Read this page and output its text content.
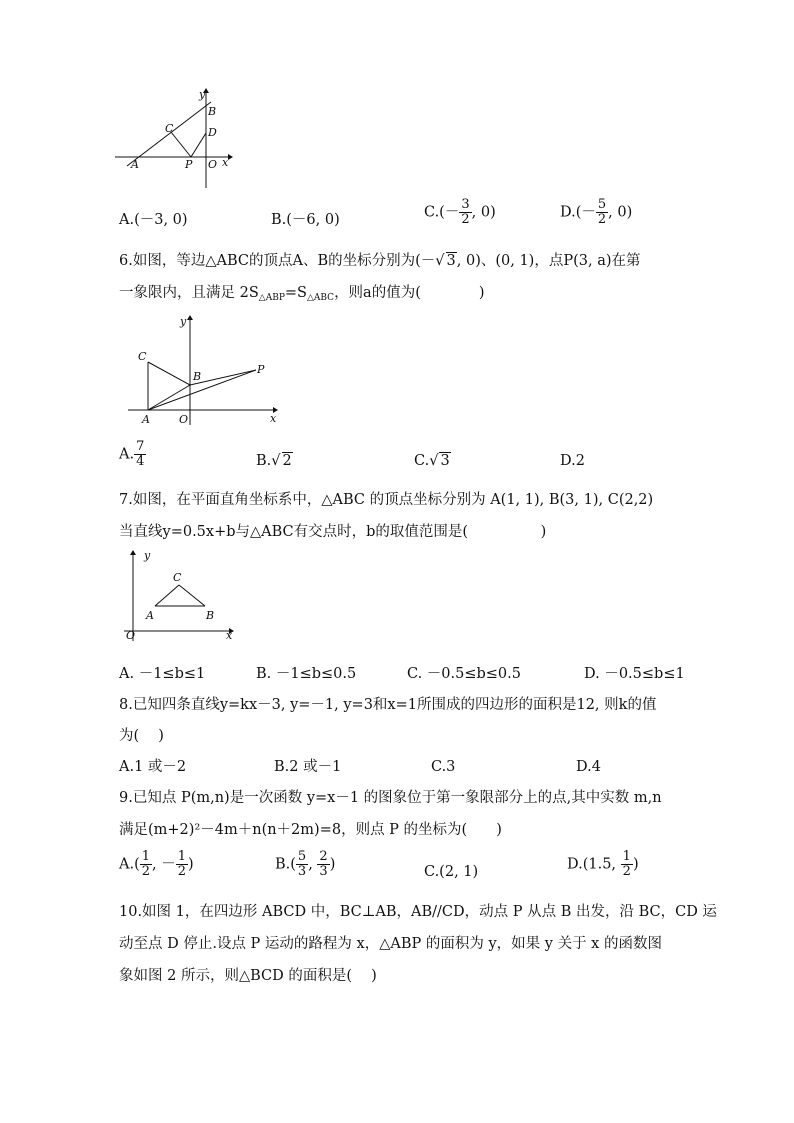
y
B
C	D
A	P O x
A.(－3, 0)	B.(－6, 0)	$C.(- \frac{3}{2}$ , 0)	$D.(- \frac{5}{2}$ , 0)
6.如图，等边△ABC的顶点A、B的坐标分别为(－√ 3, 0)、(0, 1)，点P(3, a)在第
一象限内，且满足 $2S_{\triangle ABP}=S_{\triangle ABC}$，则a的值为(　　　　)
y
C
B
P
A	O	x
A. $\frac{7}{4}$	B.√ 2	C.√ 3	D.2
7.如图，在平面直角坐标系中，△ABC 的顶点坐标分别为 A(1, 1), B(3, 1), C(2,2)
当直线y=0.5x+b与△ABC有交点时，b的取值范围是(　　　　　)
y
C
A	B
O	x
A. －1≤b≤1	B. －1≤b≤0.5	C. －0.5≤b≤0.5	D. －0.5≤b≤1
8.已知四条直线y=kx－3, y=－1, y=3和x=1所围成的四边形的面积是12, 则k的值
为(　 )
A.1 或－2	B.2 或－1	C.3	D.4
9.已知点 P(m,n)是一次函数 y=x－1 的图象位于第一象限部分上的点,其中实数 m,n
满足(m+2)²－4m＋n(n＋2m)=8，则点 P 的坐标为(　　)
$A.( \frac{1}{2}$ , － $\frac{1}{2}$ )	$B.( \frac{5}{3}$ , $\frac{2}{3}$ )	C.(2, 1)	D.(1.5, $\frac{1}{2}$ )
10.如图 1，在四边形 ABCD 中，BC⊥AB，AB//CD，动点 P 从点 B 出发，沿 BC，CD 运
动至点 D 停止.设点 P 运动的路程为 x，△ABP 的面积为 y，如果 y 关于 x 的函数图
象如图 2 所示，则△BCD 的面积是(　 )
